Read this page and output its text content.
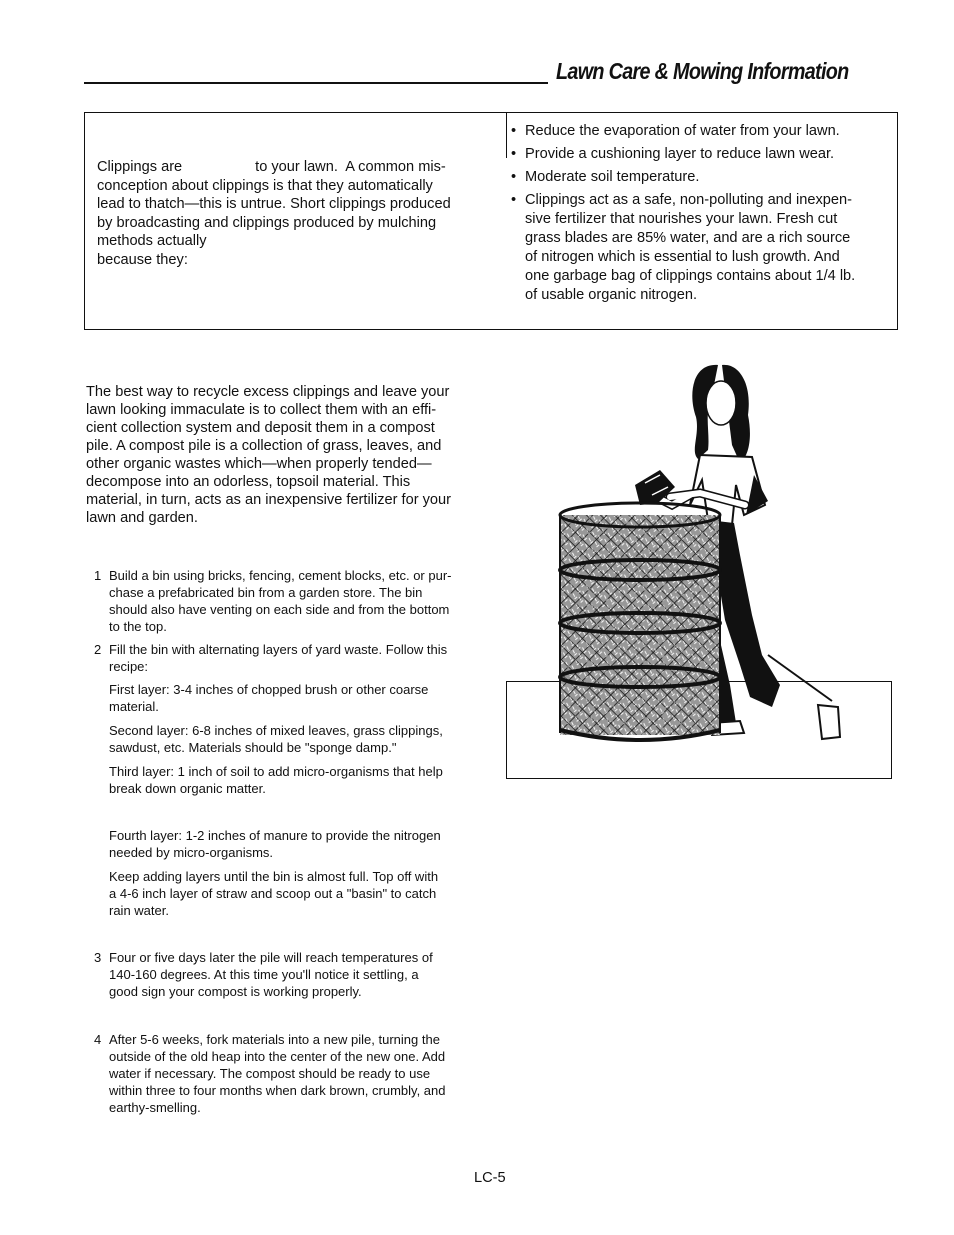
Lawn Care & Mowing Information
Clippings are                  to your lawn.  A common mis-
conception about clippings is that they automatically
lead to thatch—this is untrue. Short clippings produced
by broadcasting and clippings produced by mulching
methods actually
because they:
• Reduce the evaporation of water from your lawn.
• Provide a cushioning layer to reduce lawn wear.
• Moderate soil temperature.
• Clippings act as a safe, non-polluting and inexpen-
sive fertilizer that nourishes your lawn. Fresh cut
grass blades are 85% water, and are a rich source
of nitrogen which is essential to lush growth. And
one garbage bag of clippings contains about 1/4 lb.
of usable organic nitrogen.
The best way to recycle excess clippings and leave your
lawn looking immaculate is to collect them with an effi-
cient collection system and deposit them in a compost
pile. A compost pile is a collection of grass, leaves, and
other organic wastes which—when properly tended—
decompose into an odorless, topsoil material. This
material, in turn, acts as an inexpensive fertilizer for your
lawn and garden.
1 Build a bin using bricks, fencing, cement blocks, etc. or pur-
chase a prefabricated bin from a garden store. The bin
should also have venting on each side and from the bottom
to the top.
2 Fill the bin with alternating layers of yard waste. Follow this
recipe:
First layer: 3-4 inches of chopped brush or other coarse
material.
Second layer: 6-8 inches of mixed leaves, grass clippings,
sawdust, etc. Materials should be "sponge damp."
Third layer: 1 inch of soil to add micro-organisms that help
break down organic matter.
Fourth layer: 1-2 inches of manure to provide the nitrogen
needed by micro-organisms.
Keep adding layers until the bin is almost full. Top off with
a 4-6 inch layer of straw and scoop out a "basin" to catch
rain water.
3 Four or five days later the pile will reach temperatures of
140-160 degrees. At this time you'll notice it settling, a
good sign your compost is working properly.
4 After 5-6 weeks, fork materials into a new pile, turning the
outside of the old heap into the center of the new one. Add
water if necessary. The compost should be ready to use
within three to four months when dark brown, crumbly, and
earthy-smelling.
LC-5
